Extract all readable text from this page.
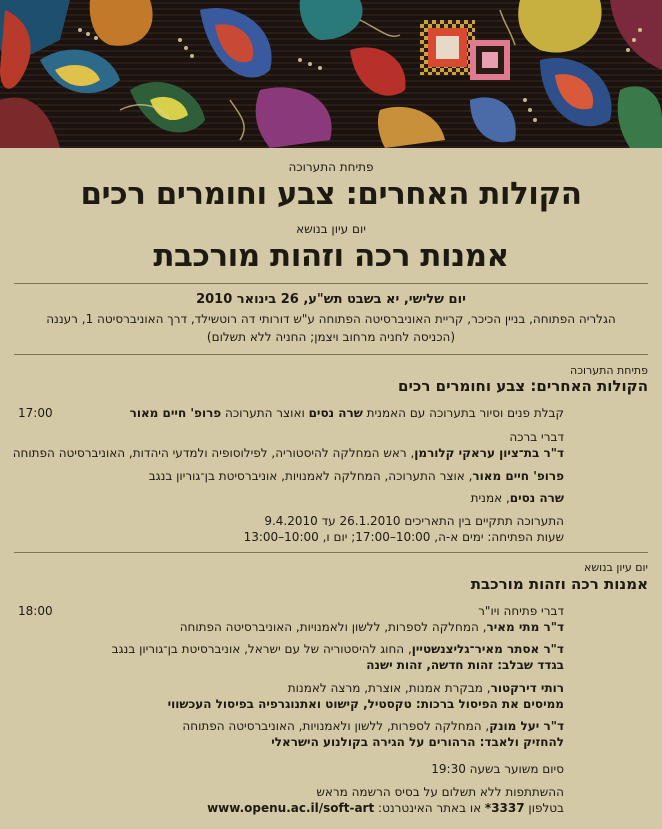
פתיחת התערוכה
הקולות האחרים: צבע וחומרים רכים
יום עיון בנושא
אמנות רכה וזהות מורכבת
יום שלישי, יא בשבט תש"ע, 26 בינואר 2010
הגלריה הפתוחה, בניין הכיכר, קריית האוניברסיטה הפתוחה ע"ש דורותי דה רוטשילד, דרך האוניברסיטה 1, רעננה
(הכניסה לחניה מרחוב ויצמן; החניה ללא תשלום)
פתיחת התערוכה
הקולות האחרים: צבע וחומרים רכים
17:00	קבלת פנים וסיור בתערוכה עם האמנית שרה נסים ואוצר התערוכה פרופ' חיים מאור
דברי ברכה
ד"ר בת־ציון עראקי קלורמן, ראש המחלקה להיסטוריה, לפילוסופיה ולמדעי היהדות, האוניברסיטה הפתוחה
פרופ' חיים מאור, אוצר התערוכה, המחלקה לאמנויות, אוניברסיטת בן־גוריון בנגב
שרה נסים, אמנית
התערוכה תתקיים בין התאריכים 26.1.2010 עד 9.4.2010
שעות הפתיחה: ימים א-ה, 10:00–17:00; יום ו, 10:00–13:00
יום עיון בנושא
אמנות רכה וזהות מורכבת
18:00	דברי פתיחה ויו"ר
ד"ר מתי מאיר, המחלקה לספרות, ללשון ולאמנויות, האוניברסיטה הפתוחה
ד"ר אסתר מאיר־גליצנשטיין, החוג להיסטוריה של עם ישראל, אוניברסיטת בן־גוריון בנגב
בגדד שבלב: זהות חדשה, זהות ישנה
רותי דירקטור, מבקרת אמנות, אוצרת, מרצה לאמנות
ממיסים את הפיסול ברכות: טקסטיל, קישוט ואתנוגרפיה בפיסול העכשווי
ד"ר יעל מונק, המחלקה לספרות, ללשון ולאמנויות, האוניברסיטה הפתוחה
להחזיק ולאבד: הרהורים על הגירה בקולנוע הישראלי
סיום משוער בשעה 19:30
ההשתתפות ללא תשלום על בסיס הרשמה מראש
בטלפון 3337* או באתר האינטרנט: www.openu.ac.il/soft-art
